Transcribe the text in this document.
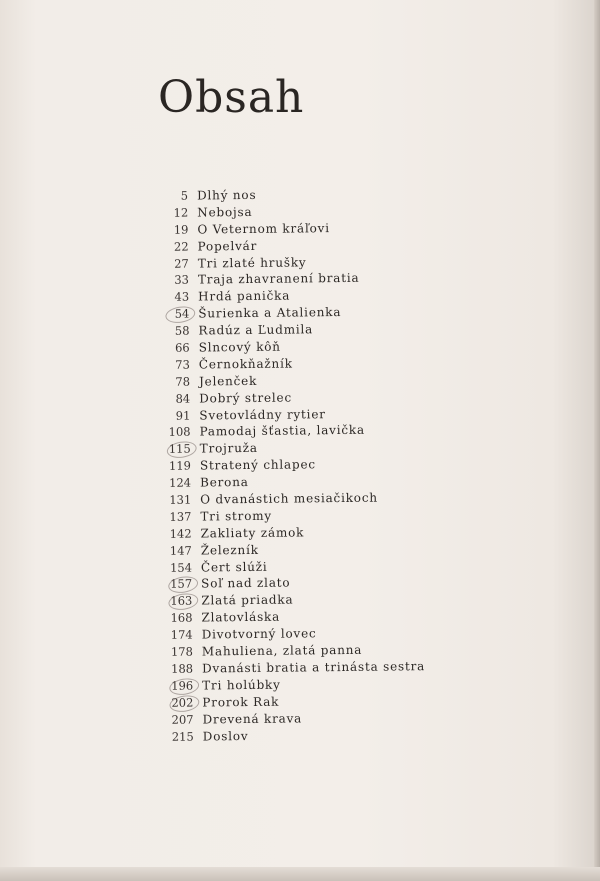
Obsah
5 Dlhý nos
12 Nebojsa
19 O Veternom kráľovi
22 Popelvár
27 Tri zlaté hrušky
33 Traja zhavranení bratia
43 Hrdá panička
54 Šurienka a Atalienka
58 Radúz a Ľudmila
66 Slncový kôň
73 Černokňažník
78 Jelenček
84 Dobrý strelec
91 Svetovládny rytier
108 Pamodaj šťastia, lavička
115 Trojruža
119 Stratený chlapec
124 Berona
131 O dvanástich mesiačikoch
137 Tri stromy
142 Zakliaty zámok
147 Železník
154 Čert slúži
157 Soľ nad zlato
163 Zlatá priadka
168 Zlatovláska
174 Divotvorný lovec
178 Mahuliena, zlatá panna
188 Dvanásti bratia a trinásta sestra
196 Tri holúbky
202 Prorok Rak
207 Drevená krava
215 Doslov
